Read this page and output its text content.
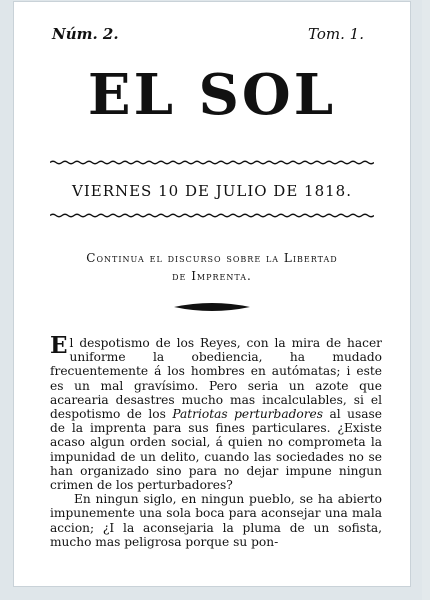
Núm. 2.	Tom. 1.
EL SOL
VIERNES 10 DE JULIO DE 1818.
Continua el discurso sobre la Libertad
de Imprenta.

El despotismo de los Reyes, con la mira de hacer uniforme la obediencia, ha mudado frecuentemente á los hombres en autómatas; i este es un mal gravísimo. Pero seria un azote que acarearia desastres mucho mas incalculables, si el despotismo de los Patriotas perturbadores al usase de la imprenta para sus fines particulares. ¿Existe acaso algun orden social, á quien no comprometa la impunidad de un delito, cuando las sociedades no se han organizado sino para no dejar impune ningun crimen de los perturbadores?

En ningun siglo, en ningun pueblo, se ha abierto impunemente una sola boca para aconsejar una mala accion; ¿I la aconsejaria la pluma de un sofista, mucho mas peligrosa porque su pon-
